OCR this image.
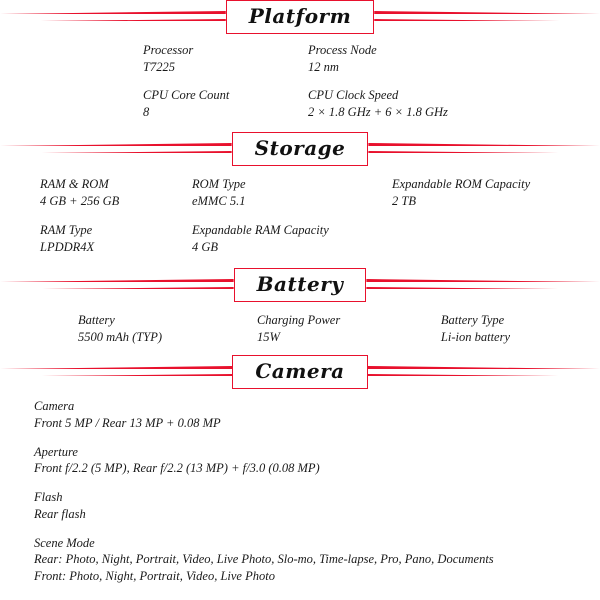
Platform
Processor
T7225
Process Node
12 nm
CPU Core Count
8
CPU Clock Speed
2 × 1.8 GHz + 6 × 1.8 GHz
Storage
RAM & ROM
4 GB + 256 GB
ROM Type
eMMC 5.1
Expandable ROM Capacity
2 TB
RAM Type
LPDDR4X
Expandable RAM Capacity
4 GB
Battery
Battery
5500 mAh (TYP)
Charging Power
15W
Battery Type
Li-ion battery
Camera
Camera
Front 5 MP / Rear 13 MP + 0.08 MP
Aperture
Front f/2.2 (5 MP), Rear f/2.2 (13 MP) + f/3.0 (0.08 MP)
Flash
Rear flash
Scene Mode
Rear: Photo, Night, Portrait, Video, Live Photo, Slo-mo, Time-lapse, Pro, Pano, Documents
Front: Photo, Night, Portrait, Video, Live Photo
